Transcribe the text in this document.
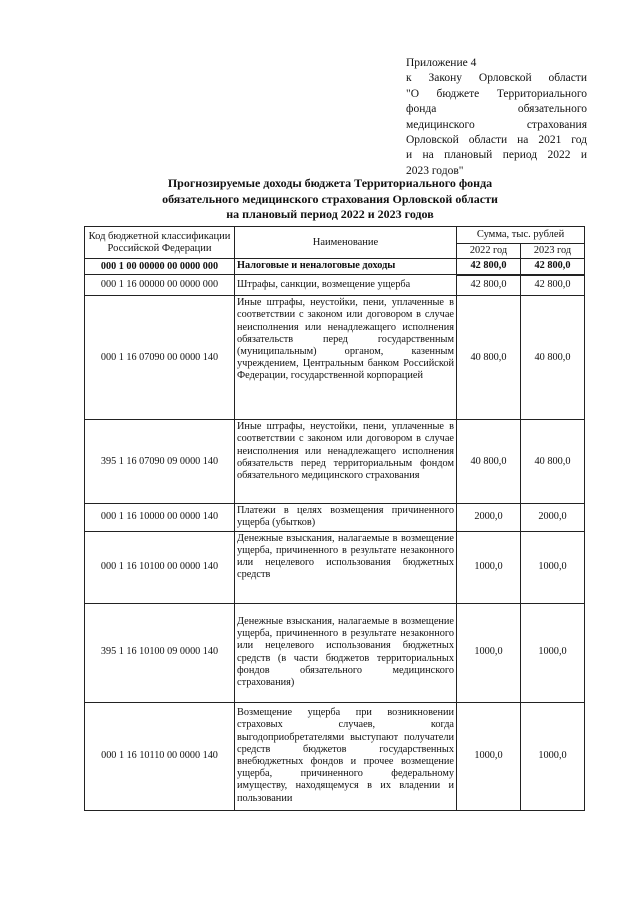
Приложение 4
к Закону Орловской области
"О бюджете Территориального
фонда обязательного
медицинского страхования
Орловской области на 2021 год
и на плановый период 2022 и
2023 годов"
Прогнозируемые доходы бюджета Территориального фонда
обязательного медицинского страхования Орловской области
на плановый период 2022 и 2023 годов
Код бюджетной классификации Российской Федерации	Наименование	Сумма, тыс. рублей	
		2022 год	2023 год
000 1 00 00000 00 0000 000	Налоговые и неналоговые доходы	42 800,0	42 800,0
000 1 16 00000 00 0000 000	Штрафы, санкции, возмещение ущерба	42 800,0	42 800,0
000 1 16 07090 00 0000 140	Иные штрафы, неустойки, пени, уплаченные в соответствии с законом или договором в случае неисполнения или ненадлежащего исполнения обязательств перед государственным (муниципальным) органом, казенным учреждением, Центральным банком Российской Федерации, государственной корпорацией	40 800,0	40 800,0
395 1 16 07090 09 0000 140	Иные штрафы, неустойки, пени, уплаченные в соответствии с законом или договором в случае неисполнения или ненадлежащего исполнения обязательств перед территориальным фондом обязательного медицинского страхования	40 800,0	40 800,0
000 1 16 10000 00 0000 140	Платежи в целях возмещения причиненного ущерба (убытков)	2000,0	2000,0
000 1 16 10100 00 0000 140	Денежные взыскания, налагаемые в возмещение ущерба, причиненного в результате незаконного или нецелевого использования бюджетных средств	1000,0	1000,0
395 1 16 10100 09 0000 140	Денежные взыскания, налагаемые в возмещение ущерба, причиненного в результате незаконного или нецелевого использования бюджетных средств (в части бюджетов территориальных фондов обязательного медицинского страхования)	1000,0	1000,0
000 1 16 10110 00 0000 140	Возмещение ущерба при возникновении страховых случаев, когда выгодоприобретателями выступают получатели средств бюджетов государственных внебюджетных фондов и прочее возмещение ущерба, причиненного федеральному имуществу, находящемуся в их владении и пользовании	1000,0	1000,0
